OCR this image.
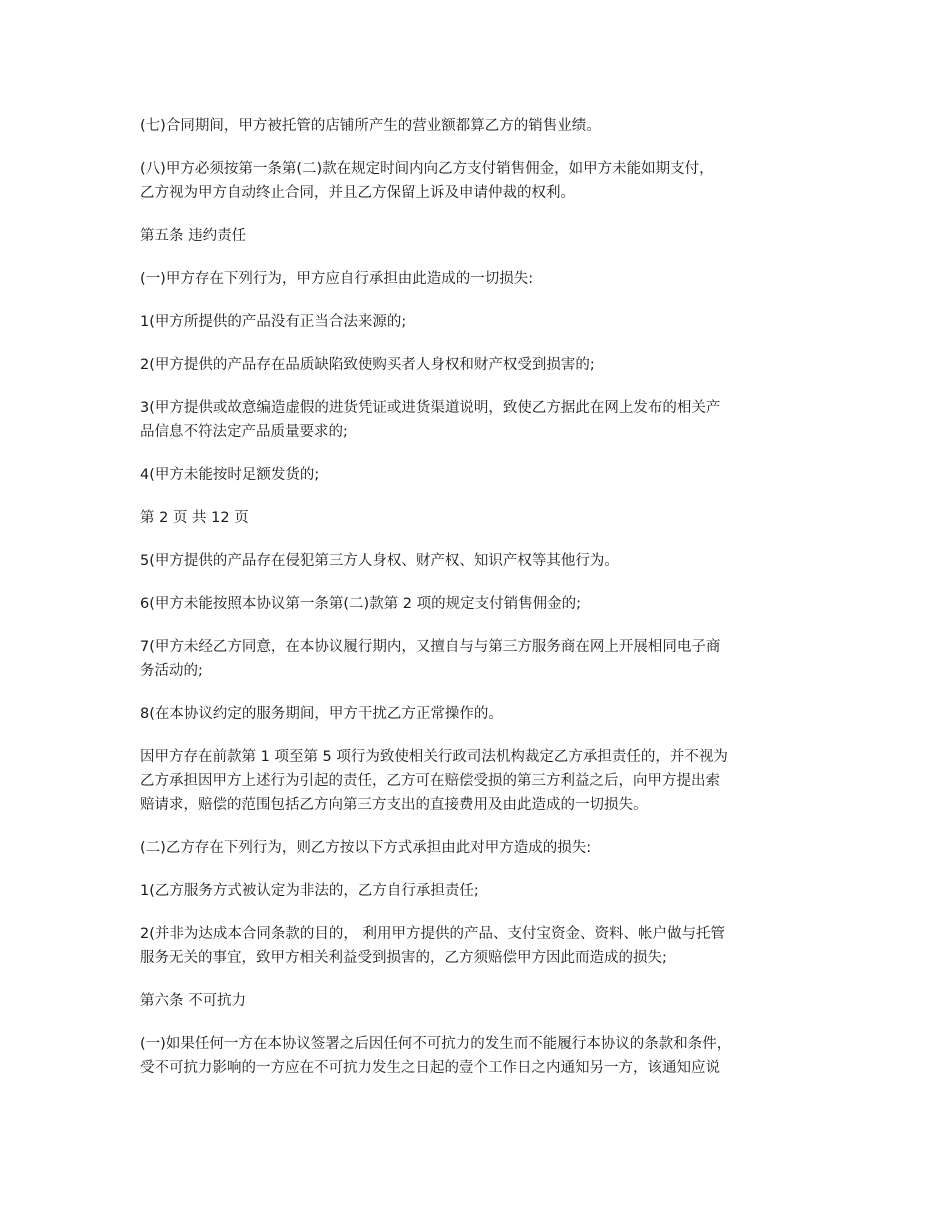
(七)合同期间，甲方被托管的店铺所产生的营业额都算乙方的销售业绩。

(八)甲方必须按第一条第(二)款在规定时间内向乙方支付销售佣金，如甲方未能如期支付，
乙方视为甲方自动终止合同，并且乙方保留上诉及申请仲裁的权利。

第五条 违约责任

(一)甲方存在下列行为，甲方应自行承担由此造成的一切损失:

1(甲方所提供的产品没有正当合法来源的;

2(甲方提供的产品存在品质缺陷致使购买者人身权和财产权受到损害的;

3(甲方提供或故意编造虚假的进货凭证或进货渠道说明，致使乙方据此在网上发布的相关产
品信息不符法定产品质量要求的;

4(甲方未能按时足额发货的;

第 2 页 共 12 页

5(甲方提供的产品存在侵犯第三方人身权、财产权、知识产权等其他行为。

6(甲方未能按照本协议第一条第(二)款第 2 项的规定支付销售佣金的;

7(甲方未经乙方同意，在本协议履行期内，又擅自与与第三方服务商在网上开展相同电子商
务活动的;

8(在本协议约定的服务期间，甲方干扰乙方正常操作的。

因甲方存在前款第 1 项至第 5 项行为致使相关行政司法机构裁定乙方承担责任的，并不视为
乙方承担因甲方上述行为引起的责任，乙方可在赔偿受损的第三方利益之后，向甲方提出索
赔请求，赔偿的范围包括乙方向第三方支出的直接费用及由此造成的一切损失。

(二)乙方存在下列行为，则乙方按以下方式承担由此对甲方造成的损失:

1(乙方服务方式被认定为非法的，乙方自行承担责任;

2(并非为达成本合同条款的目的， 利用甲方提供的产品、支付宝资金、资料、帐户做与托管
服务无关的事宜，致甲方相关利益受到损害的，乙方须赔偿甲方因此而造成的损失;

第六条 不可抗力

(一)如果任何一方在本协议签署之后因任何不可抗力的发生而不能履行本协议的条款和条件，
受不可抗力影响的一方应在不可抗力发生之日起的壹个工作日之内通知另一方，该通知应说
